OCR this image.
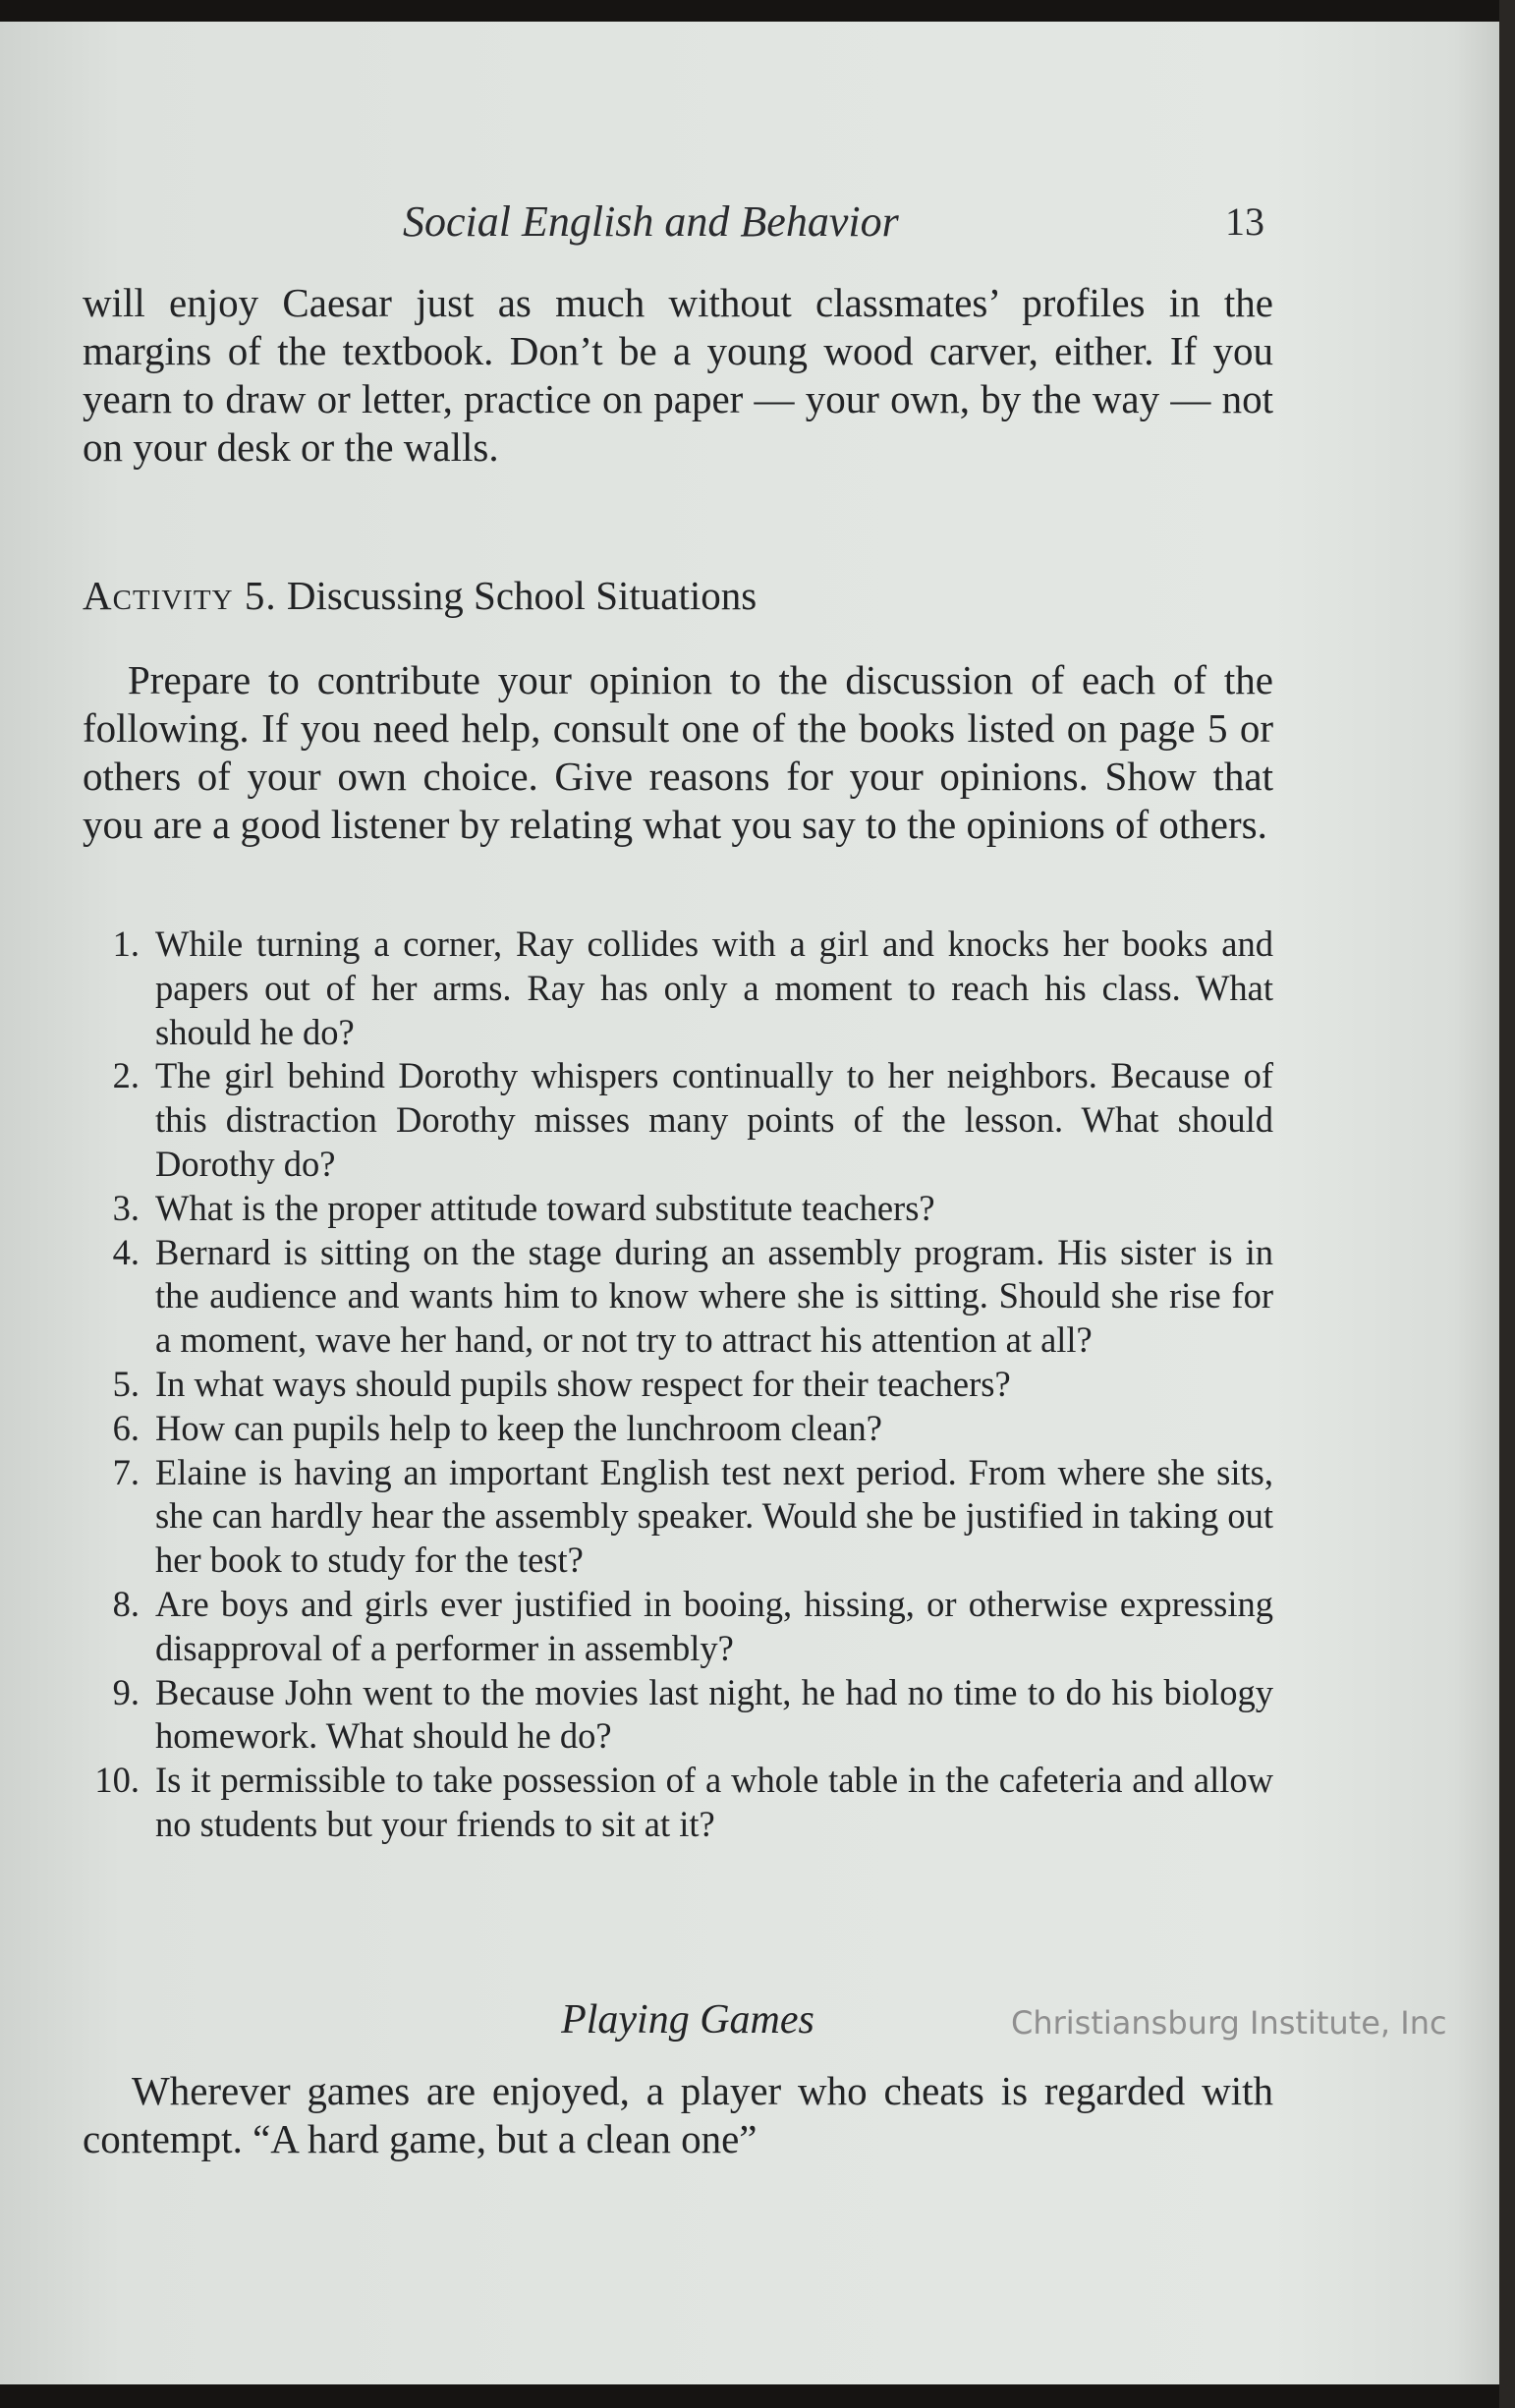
Social English and Behavior	13

will enjoy Caesar just as much without classmates’ profiles in the margins of the textbook. Don’t be a young wood carver, either. If you yearn to draw or letter, practice on paper — your own, by the way — not on your desk or the walls.

Activity 5. Discussing School Situations

Prepare to contribute your opinion to the discussion of each of the following. If you need help, consult one of the books listed on page 5 or others of your own choice. Give reasons for your opinions. Show that you are a good listener by relating what you say to the opinions of others.

1. While turning a corner, Ray collides with a girl and knocks her books and papers out of her arms. Ray has only a moment to reach his class. What should he do?
2. The girl behind Dorothy whispers continually to her neighbors. Because of this distraction Dorothy misses many points of the lesson. What should Dorothy do?
3. What is the proper attitude toward substitute teachers?
4. Bernard is sitting on the stage during an assembly program. His sister is in the audience and wants him to know where she is sitting. Should she rise for a moment, wave her hand, or not try to attract his attention at all?
5. In what ways should pupils show respect for their teachers?
6. How can pupils help to keep the lunchroom clean?
7. Elaine is having an important English test next period. From where she sits, she can hardly hear the assembly speaker. Would she be justified in taking out her book to study for the test?
8. Are boys and girls ever justified in booing, hissing, or otherwise expressing disapproval of a performer in assembly?
9. Because John went to the movies last night, he had no time to do his biology homework. What should he do?
10. Is it permissible to take possession of a whole table in the cafeteria and allow no students but your friends to sit at it?
Playing Games

Wherever games are enjoyed, a player who cheats is regarded with contempt. “A hard game, but a clean one”

Christiansburg Institute, Inc
